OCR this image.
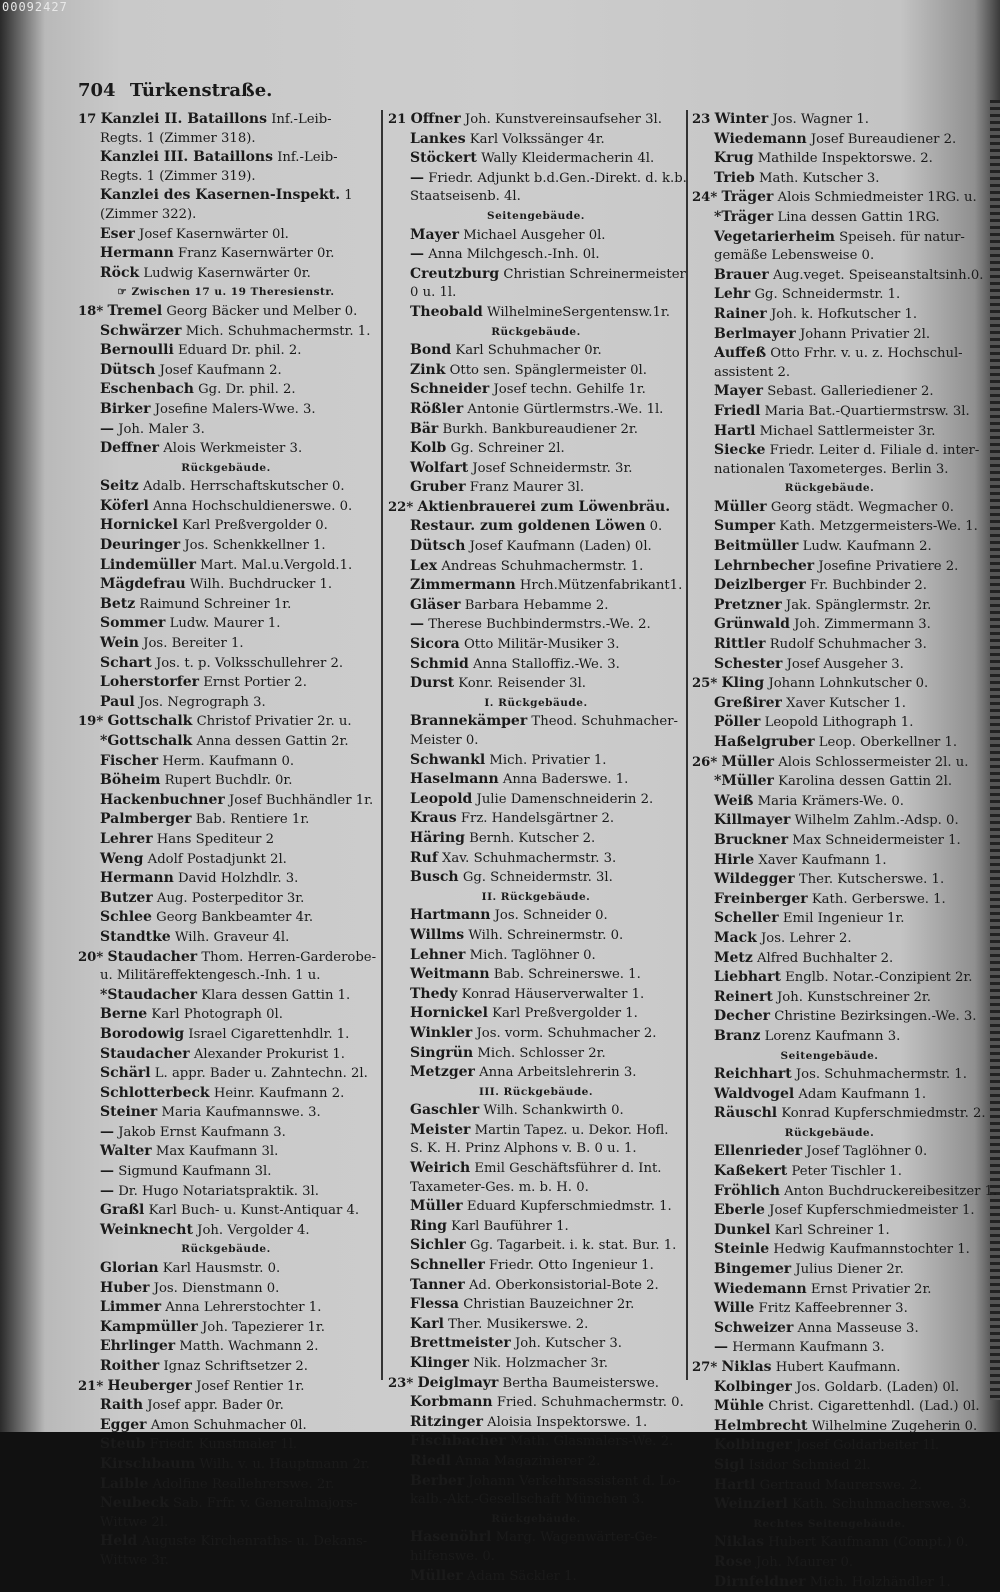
00092427
704 Türkenstraße.
17 Kanzlei II. Bataillons Inf.-Leib-
Regts. 1 (Zimmer 318).
Kanzlei III. Bataillons Inf.-Leib-
Regts. 1 (Zimmer 319).
Kanzlei des Kasernen-Inspekt. 1
(Zimmer 322).
Eser Josef Kasernwärter 0l.
Hermann Franz Kasernwärter 0r.
Röck Ludwig Kasernwärter 0r.
☞ Zwischen 17 u. 19 Theresienstr.
18* Tremel Georg Bäcker und Melber 0.
Schwärzer Mich. Schuhmachermstr. 1.
Bernoulli Eduard Dr. phil. 2.
Dütsch Josef Kaufmann 2.
Eschenbach Gg. Dr. phil. 2.
Birker Josefine Malers-Wwe. 3.
— Joh. Maler 3.
Deffner Alois Werkmeister 3.
Rückgebäude.
Seitz Adalb. Herrschaftskutscher 0.
Köferl Anna Hochschuldienerswe. 0.
Hornickel Karl Preßvergolder 0.
Deuringer Jos. Schenkkellner 1.
Lindemüller Mart. Mal.u.Vergold.1.
Mägdefrau Wilh. Buchdrucker 1.
Betz Raimund Schreiner 1r.
Sommer Ludw. Maurer 1.
Wein Jos. Bereiter 1.
Schart Jos. t. p. Volksschullehrer 2.
Loherstorfer Ernst Portier 2.
Paul Jos. Negrograph 3.
19* Gottschalk Christof Privatier 2r. u.
*Gottschalk Anna dessen Gattin 2r.
Fischer Herm. Kaufmann 0.
Böheim Rupert Buchdlr. 0r.
Hackenbuchner Josef Buchhändler 1r.
Palmberger Bab. Rentiere 1r.
Lehrer Hans Spediteur 2
Weng Adolf Postadjunkt 2l.
Hermann David Holzhdlr. 3.
Butzer Aug. Posterpeditor 3r.
Schlee Georg Bankbeamter 4r.
Standtke Wilh. Graveur 4l.
20* Staudacher Thom. Herren-Garderobe-
u. Militäreffektengesch.-Inh. 1 u.
*Staudacher Klara dessen Gattin 1.
Berne Karl Photograph 0l.
Borodowig Israel Cigarettenhdlr. 1.
Staudacher Alexander Prokurist 1.
Schärl L. appr. Bader u. Zahntechn. 2l.
Schlotterbeck Heinr. Kaufmann 2.
Steiner Maria Kaufmannswe. 3.
— Jakob Ernst Kaufmann 3.
Walter Max Kaufmann 3l.
— Sigmund Kaufmann 3l.
— Dr. Hugo Notariatspraktik. 3l.
Graßl Karl Buch- u. Kunst-Antiquar 4.
Weinknecht Joh. Vergolder 4.
Rückgebäude.
Glorian Karl Hausmstr. 0.
Huber Jos. Dienstmann 0.
Limmer Anna Lehrerstochter 1.
Kampmüller Joh. Tapezierer 1r.
Ehrlinger Matth. Wachmann 2.
Roither Ignaz Schriftsetzer 2.
21* Heuberger Josef Rentier 1r.
Raith Josef appr. Bader 0r.
Egger Amon Schuhmacher 0l.
Steub Friedr. Kunstmaler 1l.
Kirschbaum Wilh. v. u. Hauptmann 2r.
Laible Adolfine Reallehrerswe. 2r.
Neubeck Sab. Frfr. v. Generalmajors-
Wittwe 2l.
Held Auguste Kirchenraths- u. Dekans-
Wittwe 3r.
21 Offner Joh. Kunstvereinsaufseher 3l.
Lankes Karl Volkssänger 4r.
Stöckert Wally Kleidermacherin 4l.
— Friedr. Adjunkt b.d.Gen.-Direkt. d. k.b.
Staatseisenb. 4l.
Seitengebäude.
Mayer Michael Ausgeher 0l.
— Anna Milchgesch.-Inh. 0l.
Creutzburg Christian Schreinermeister
0 u. 1l.
Theobald WilhelmineSergentensw.1r.
Rückgebäude.
Bond Karl Schuhmacher 0r.
Zink Otto sen. Spänglermeister 0l.
Schneider Josef techn. Gehilfe 1r.
Rößler Antonie Gürtlermstrs.-We. 1l.
Bär Burkh. Bankbureaudiener 2r.
Kolb Gg. Schreiner 2l.
Wolfart Josef Schneidermstr. 3r.
Gruber Franz Maurer 3l.
22* Aktienbrauerei zum Löwenbräu.
Restaur. zum goldenen Löwen 0.
Dütsch Josef Kaufmann (Laden) 0l.
Lex Andreas Schuhmachermstr. 1.
Zimmermann Hrch.Mützenfabrikant1.
Gläser Barbara Hebamme 2.
— Therese Buchbindermstrs.-We. 2.
Sicora Otto Militär-Musiker 3.
Schmid Anna Stalloffiz.-We. 3.
Durst Konr. Reisender 3l.
I. Rückgebäude.
Brannekämper Theod. Schuhmacher-
Meister 0.
Schwankl Mich. Privatier 1.
Haselmann Anna Baderswe. 1.
Leopold Julie Damenschneiderin 2.
Kraus Frz. Handelsgärtner 2.
Häring Bernh. Kutscher 2.
Ruf Xav. Schuhmachermstr. 3.
Busch Gg. Schneidermstr. 3l.
II. Rückgebäude.
Hartmann Jos. Schneider 0.
Willms Wilh. Schreinermstr. 0.
Lehner Mich. Taglöhner 0.
Weitmann Bab. Schreinerswe. 1.
Thedy Konrad Häuserverwalter 1.
Hornickel Karl Preßvergolder 1.
Winkler Jos. vorm. Schuhmacher 2.
Singrün Mich. Schlosser 2r.
Metzger Anna Arbeitslehrerin 3.
III. Rückgebäude.
Gaschler Wilh. Schankwirth 0.
Meister Martin Tapez. u. Dekor. Hofl.
S. K. H. Prinz Alphons v. B. 0 u. 1.
Weirich Emil Geschäftsführer d. Int.
Taxameter-Ges. m. b. H. 0.
Müller Eduard Kupferschmiedmstr. 1.
Ring Karl Bauführer 1.
Sichler Gg. Tagarbeit. i. k. stat. Bur. 1.
Schneller Friedr. Otto Ingenieur 1.
Tanner Ad. Oberkonsistorial-Bote 2.
Flessa Christian Bauzeichner 2r.
Karl Ther. Musikerswe. 2.
Brettmeister Joh. Kutscher 3.
Klinger Nik. Holzmacher 3r.
23* Deiglmayr Bertha Baumeisterswe.
Korbmann Fried. Schuhmachermstr. 0.
Ritzinger Aloisia Inspektorswe. 1.
Fischbacher Math. Glasmalers-We. 2.
Riedl Anna Magazinierer 2.
Berber Johann Verkehrsassistent d. Lo-
kalb.-Akt.-Gesellschaft München 3.
Rückgebäude.
Hasenöhrl Marg. Wagenwärter-Ge-
hilfenswe. 0.
Müller Adam Säckler 1.
23 Winter Jos. Wagner 1.
Wiedemann Josef Bureaudiener 2.
Krug Mathilde Inspektorswe. 2.
Trieb Math. Kutscher 3.
24* Träger Alois Schmiedmeister 1RG. u.
*Träger Lina dessen Gattin 1RG.
Vegetarierheim Speiseh. für natur-
gemäße Lebensweise 0.
Brauer Aug.veget. Speiseanstaltsinh.0.
Lehr Gg. Schneidermstr. 1.
Rainer Joh. k. Hofkutscher 1.
Berlmayer Johann Privatier 2l.
Auffeß Otto Frhr. v. u. z. Hochschul-
assistent 2.
Mayer Sebast. Galleriediener 2.
Friedl Maria Bat.-Quartiermstrsw. 3l.
Hartl Michael Sattlermeister 3r.
Siecke Friedr. Leiter d. Filiale d. inter-
nationalen Taxometerges. Berlin 3.
Rückgebäude.
Müller Georg städt. Wegmacher 0.
Sumper Kath. Metzgermeisters-We. 1.
Beitmüller Ludw. Kaufmann 2.
Lehrnbecher Josefine Privatiere 2.
Deizlberger Fr. Buchbinder 2.
Pretzner Jak. Spänglermstr. 2r.
Grünwald Joh. Zimmermann 3.
Rittler Rudolf Schuhmacher 3.
Schester Josef Ausgeher 3.
25* Kling Johann Lohnkutscher 0.
Greßirer Xaver Kutscher 1.
Pöller Leopold Lithograph 1.
Haßelgruber Leop. Oberkellner 1.
26* Müller Alois Schlossermeister 2l. u.
*Müller Karolina dessen Gattin 2l.
Weiß Maria Krämers-We. 0.
Killmayer Wilhelm Zahlm.-Adsp. 0.
Bruckner Max Schneidermeister 1.
Hirle Xaver Kaufmann 1.
Wildegger Ther. Kutscherswe. 1.
Freinberger Kath. Gerberswe. 1.
Scheller Emil Ingenieur 1r.
Mack Jos. Lehrer 2.
Metz Alfred Buchhalter 2.
Liebhart Englb. Notar.-Conzipient 2r.
Reinert Joh. Kunstschreiner 2r.
Decher Christine Bezirksingen.-We. 3.
Branz Lorenz Kaufmann 3.
Seitengebäude.
Reichhart Jos. Schuhmachermstr. 1.
Waldvogel Adam Kaufmann 1.
Räuschl Konrad Kupferschmiedmstr. 2.
Rückgebäude.
Ellenrieder Josef Taglöhner 0.
Kaßekert Peter Tischler 1.
Fröhlich Anton Buchdruckereibesitzer 1.
Eberle Josef Kupferschmiedmeister 1.
Dunkel Karl Schreiner 1.
Steinle Hedwig Kaufmannstochter 1.
Bingemer Julius Diener 2r.
Wiedemann Ernst Privatier 2r.
Wille Fritz Kaffeebrenner 3.
Schweizer Anna Masseuse 3.
— Hermann Kaufmann 3.
27* Niklas Hubert Kaufmann.
Kolbinger Jos. Goldarb. (Laden) 0l.
Mühle Christ. Cigarettenhdl. (Lad.) 0l.
Helmbrecht Wilhelmine Zugeherin 0.
Kolbinger Josef Goldarbeiter 1l.
Sigl Isidor Schmied 2l.
Hartl Gertraud Maurerswe. 2.
Weinzierl Kath. Schuhmacherswe. 3.
Rechtes Seitengebäude.
Niklas Hubert Kaufmann (Compt.) 0.
Rose Joh. Maurer 0.
Dirnfeldner Mich. Holzhändler 1.
